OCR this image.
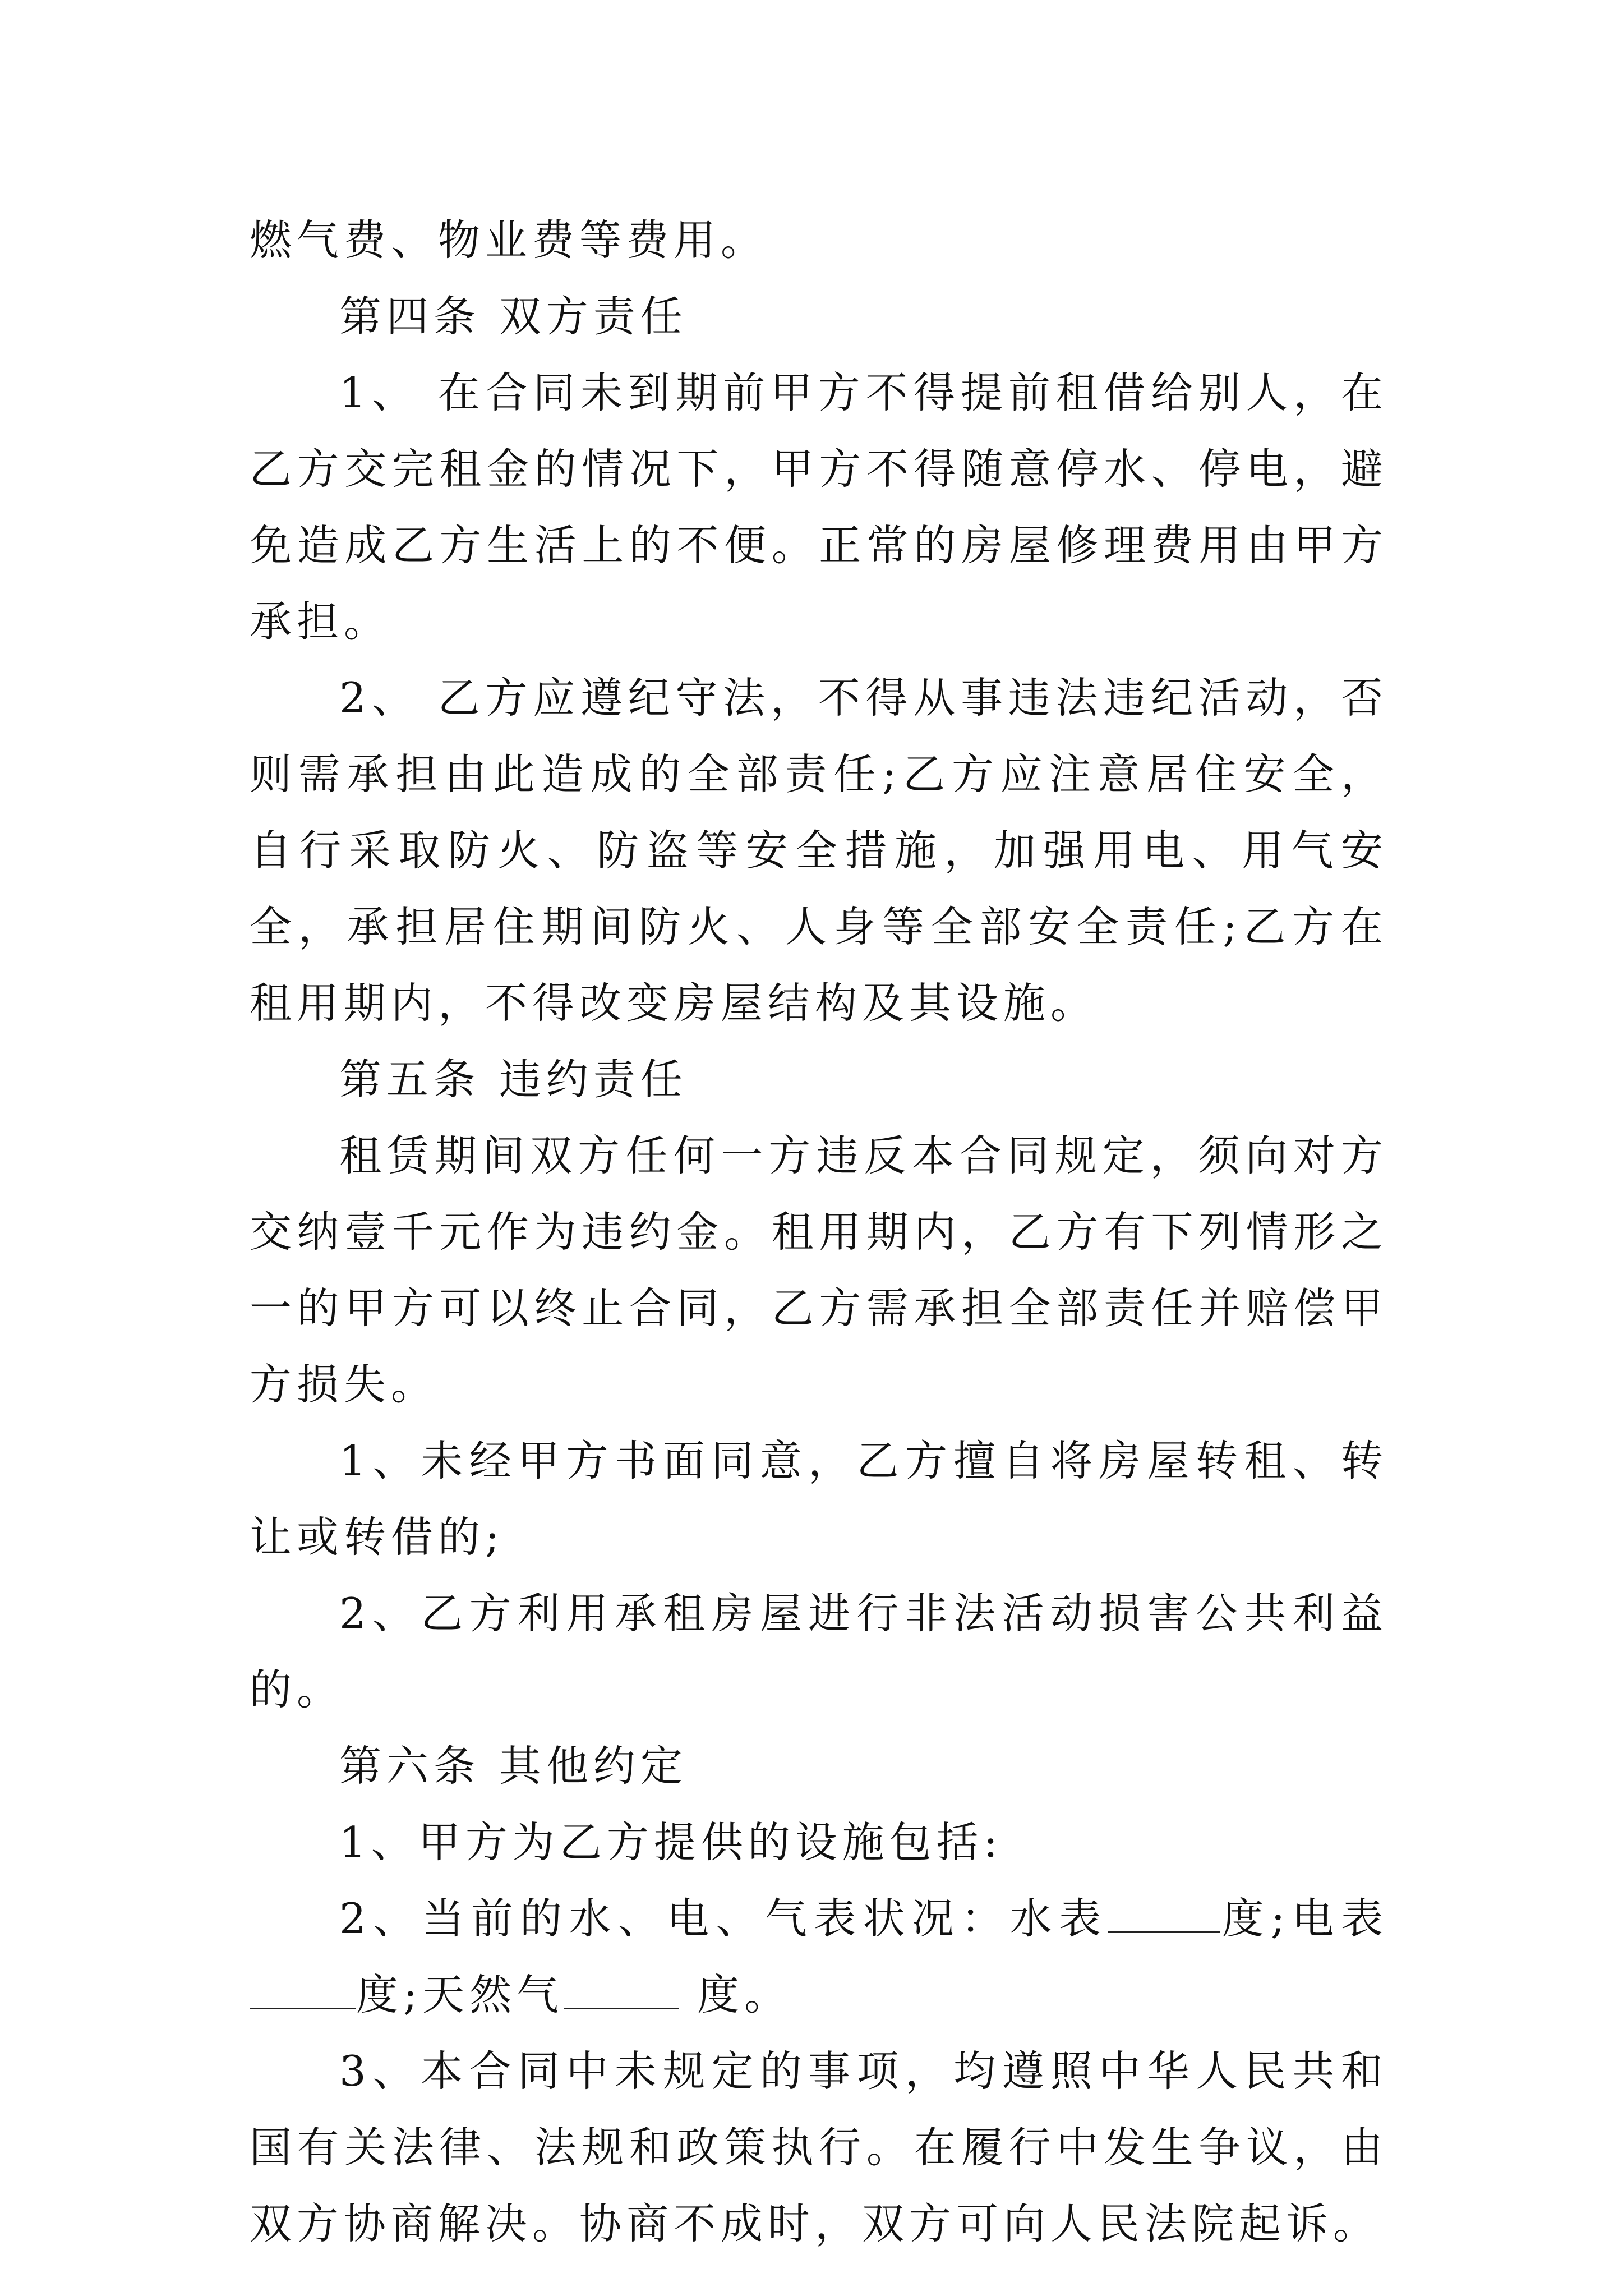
燃气费、物业费等费用。

第四条 双方责任

1、 在合同未到期前甲方不得提前租借给别人，在乙方交完租金的情况下，甲方不得随意停水、停电，避免造成乙方生活上的不便。正常的房屋修理费用由甲方承担。

2、 乙方应遵纪守法，不得从事违法违纪活动，否则需承担由此造成的全部责任;乙方应注意居住安全，自行采取防火、防盗等安全措施，加强用电、用气安全，承担居住期间防火、人身等全部安全责任;乙方在租用期内，不得改变房屋结构及其设施。

第五条 违约责任

租赁期间双方任何一方违反本合同规定，须向对方交纳壹千元作为违约金。租用期内，乙方有下列情形之一的甲方可以终止合同，乙方需承担全部责任并赔偿甲方损失。

1、未经甲方书面同意，乙方擅自将房屋转租、转让或转借的;

2、乙方利用承租房屋进行非法活动损害公共利益的。

第六条 其他约定

1、甲方为乙方提供的设施包括:

2、当前的水、电、气表状况：水表	度;电表度;天然气	度。

3、本合同中未规定的事项，均遵照中华人民共和国有关法律、法规和政策执行。在履行中发生争议，由双方协商解决。协商不成时，双方可向人民法院起诉。
